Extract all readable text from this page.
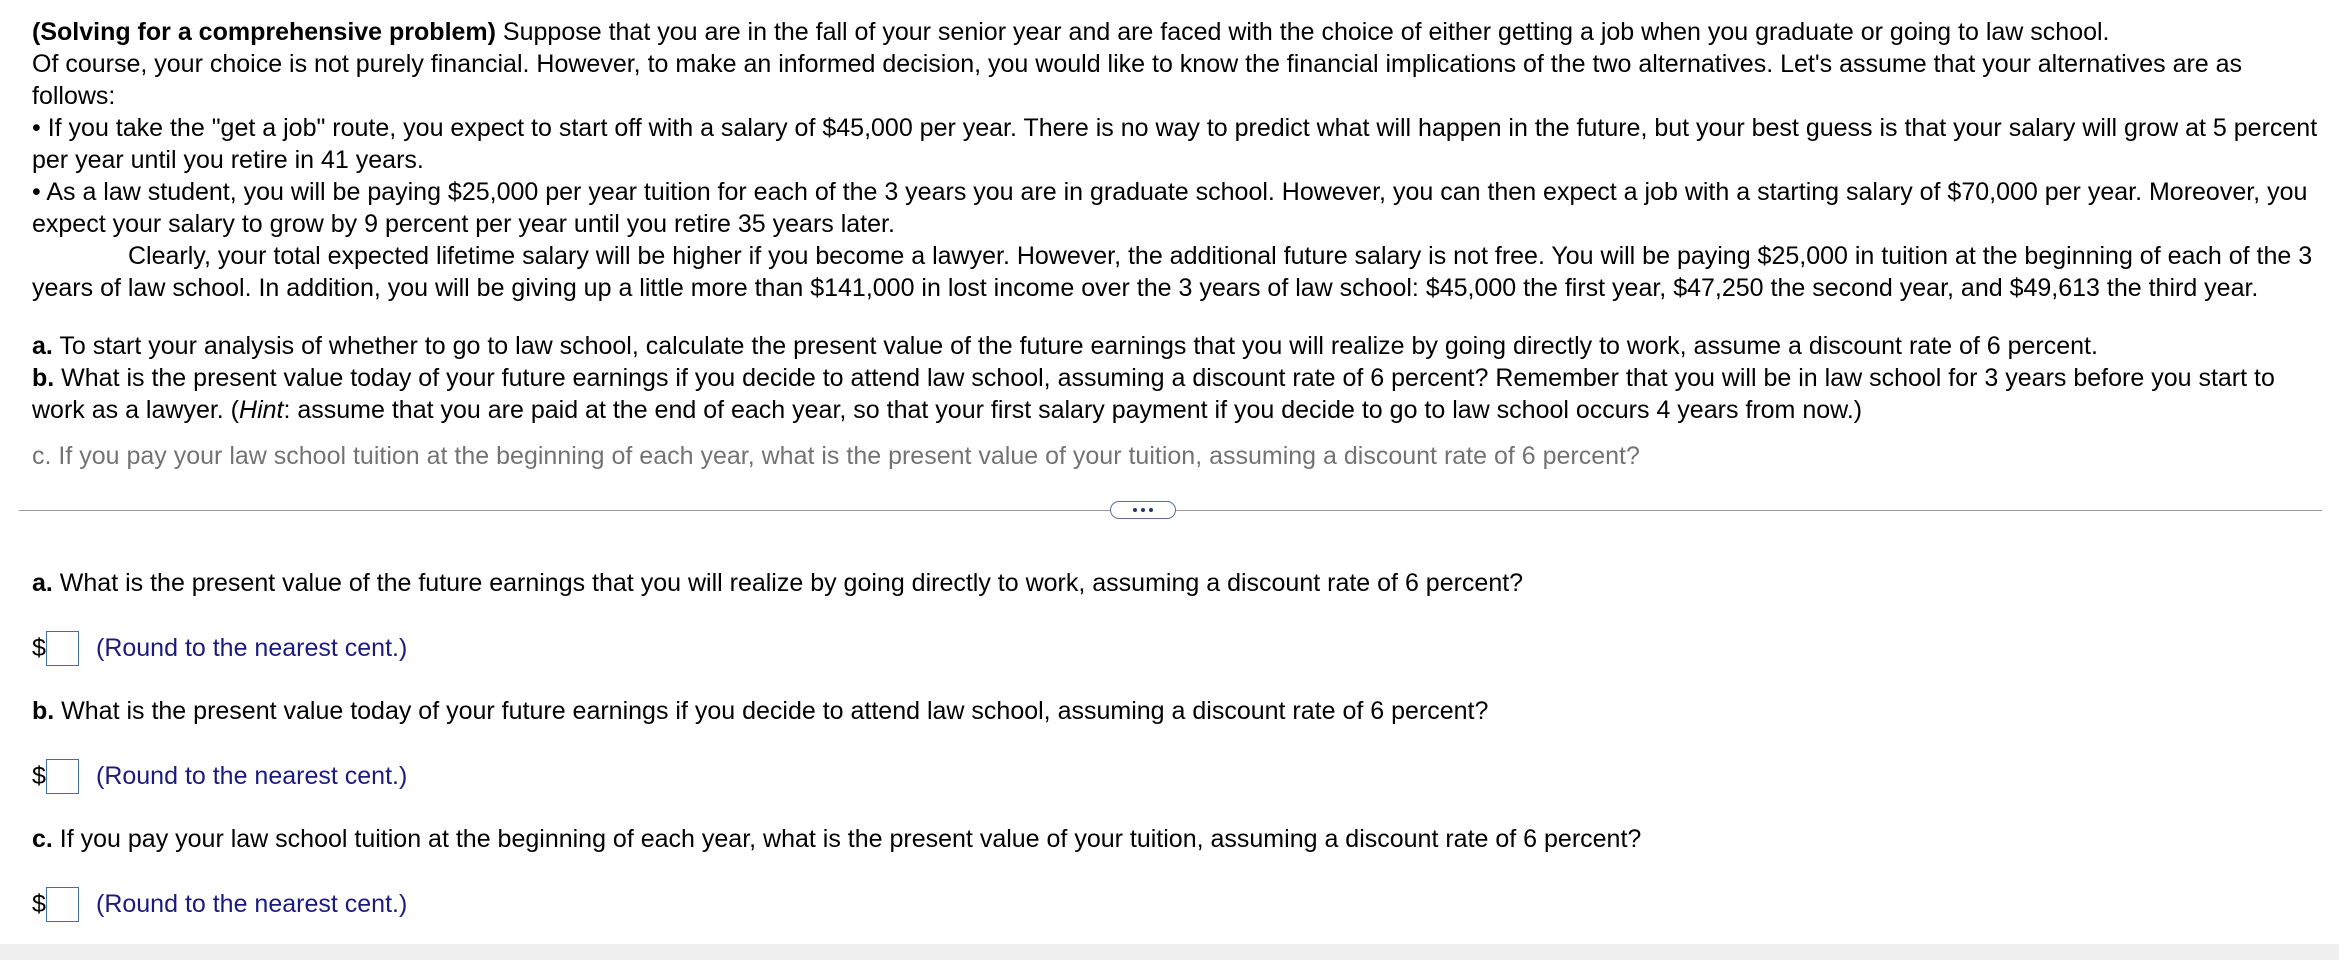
(Solving for a comprehensive problem) Suppose that you are in the fall of your senior year and are faced with the choice of either getting a job when you graduate or going to law school.

Of course, your choice is not purely financial. However, to make an informed decision, you would like to know the financial implications of the two alternatives. Let's assume that your alternatives are as follows:

• If you take the "get a job" route, you expect to start off with a salary of $45,000 per year. There is no way to predict what will happen in the future, but your best guess is that your salary will grow at 5 percent per year until you retire in 41 years.

• As a law student, you will be paying $25,000 per year tuition for each of the 3 years you are in graduate school. However, you can then expect a job with a starting salary of $70,000 per year. Moreover, you expect your salary to grow by 9 percent per year until you retire 35 years later.

Clearly, your total expected lifetime salary will be higher if you become a lawyer. However, the additional future salary is not free. You will be paying $25,000 in tuition at the beginning of each of the 3 years of law school. In addition, you will be giving up a little more than $141,000 in lost income over the 3 years of law school: $45,000 the first year, $47,250 the second year, and $49,613 the third year.

a. To start your analysis of whether to go to law school, calculate the present value of the future earnings that you will realize by going directly to work, assume a discount rate of 6 percent.

b. What is the present value today of your future earnings if you decide to attend law school, assuming a discount rate of 6 percent? Remember that you will be in law school for 3 years before you start to work as a lawyer. (Hint: assume that you are paid at the end of each year, so that your first salary payment if you decide to go to law school occurs 4 years from now.)

c. If you pay your law school tuition at the beginning of each year, what is the present value of your tuition, assuming a discount rate of 6 percent?
a. What is the present value of the future earnings that you will realize by going directly to work, assuming a discount rate of 6 percent?
$ (Round to the nearest cent.)
b. What is the present value today of your future earnings if you decide to attend law school, assuming a discount rate of 6 percent?
$ (Round to the nearest cent.)
c. If you pay your law school tuition at the beginning of each year, what is the present value of your tuition, assuming a discount rate of 6 percent?
$ (Round to the nearest cent.)
